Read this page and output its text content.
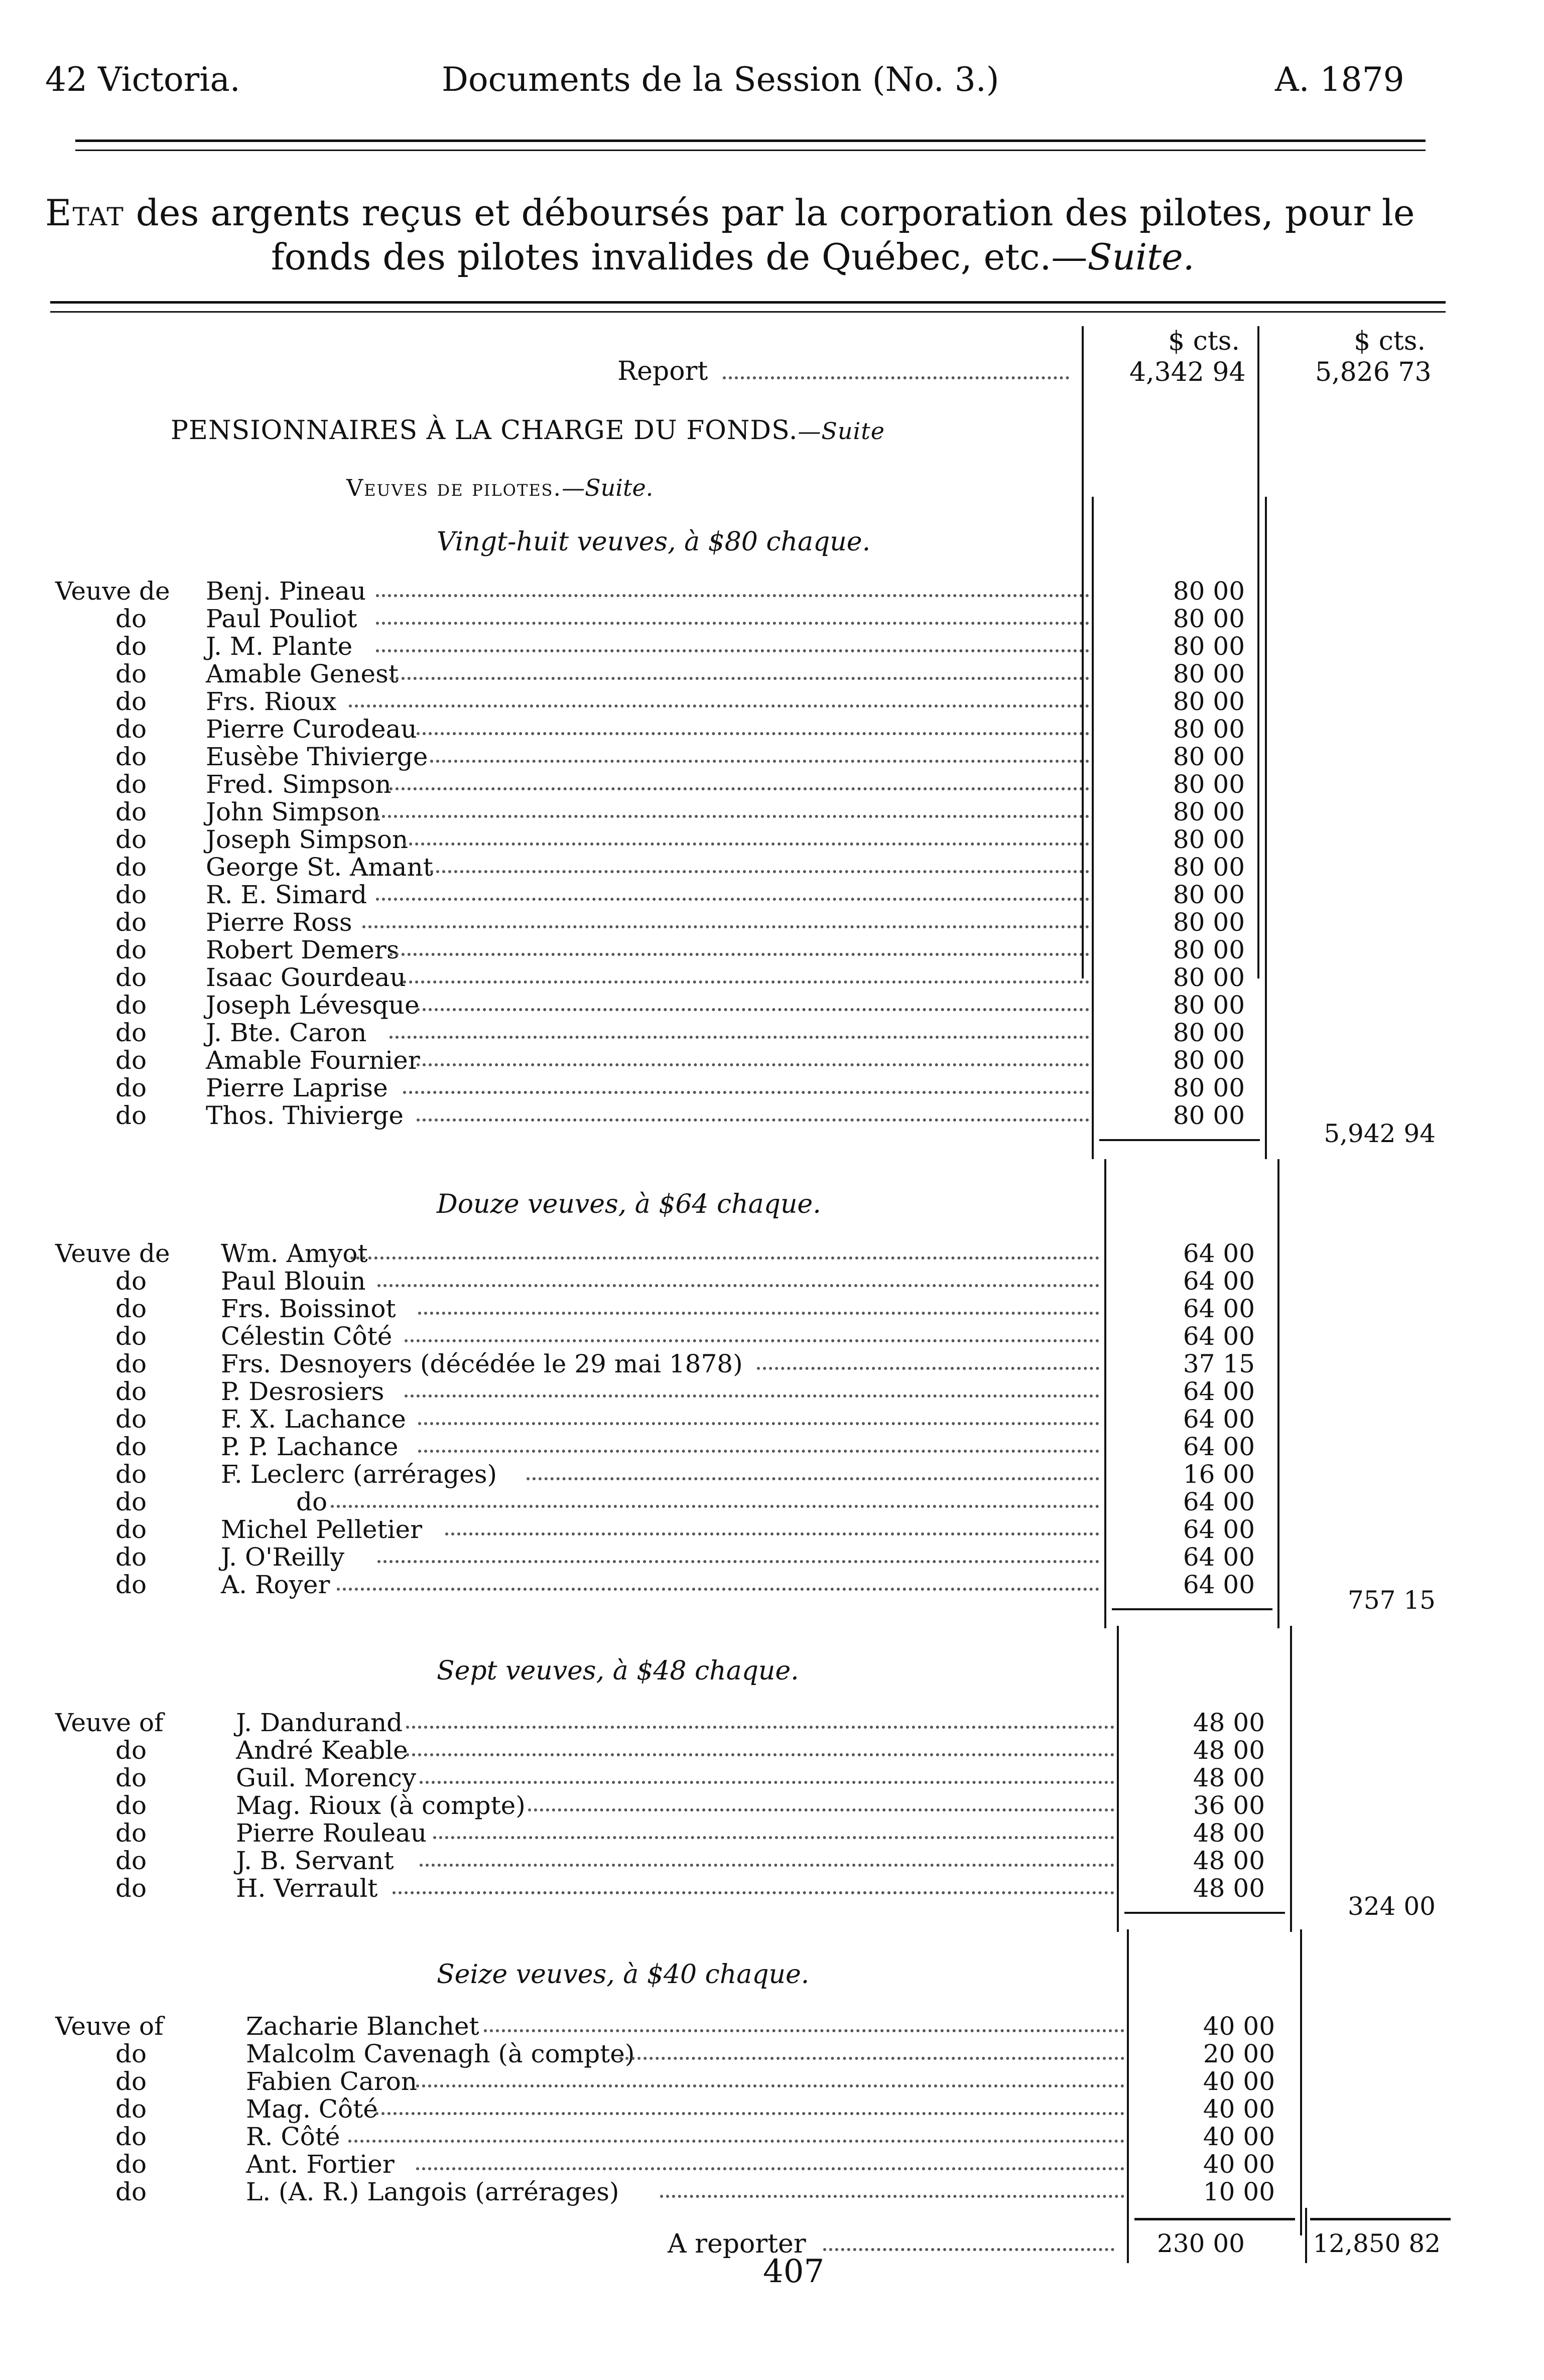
42 Victoria.	Documents de la Session (No. 3.)	A. 1879
Etat des argents reçus et déboursés par la corporation des pilotes, pour le
fonds des pilotes invalides de Québec, etc.—Suite.
$ cts.	$ cts.
Report	4,342 94	5,826 73
PENSIONNAIRES À LA CHARGE DU FONDS.—Suite
Veuves de pilotes.—Suite.
Vingt-huit veuves, à $80 chaque.
Veuve de Benj. Pineau	80 00
do Paul Pouliot	80 00
do J. M. Plante	80 00
do Amable Genest	80 00
do Frs. Rioux	80 00
do Pierre Curodeau	80 00
do Eusèbe Thivierge	80 00
do Fred. Simpson	80 00
do John Simpson	80 00
do Joseph Simpson	80 00
do George St. Amant	80 00
do R. E. Simard	80 00
do Pierre Ross	80 00
do Robert Demers	80 00
do Isaac Gourdeau	80 00
do Joseph Lévesque	80 00
do J. Bte. Caron	80 00
do Amable Fournier	80 00
do Pierre Laprise	80 00
do Thos. Thivierge	80 00
5,942 94
Douze veuves, à $64 chaque.
Veuve de Wm. Amyot	64 00
do	Paul Blouin	64 00
do	Frs. Boissinot	64 00
do	Célestin Côté	64 00
do	Frs. Desnoyers (décédée le 29 mai 1878)	37 15
do	P. Desrosiers	64 00
do	F. X. Lachance	64 00
do	P. P. Lachance	64 00
do	F. Leclerc (arrérages)	16 00
do	do	64 00
do	Michel Pelletier	64 00
do	J. O'Reilly	64 00
do	A. Royer	64 00
757 15
Sept veuves, à $48 chaque.
Veuve of	J. Dandurand	48 00
do	André Keable	48 00
do	Guil. Morency	48 00
do	Mag. Rioux (à compte)	36 00
do	Pierre Rouleau	48 00
do	J. B. Servant	48 00
do	H. Verrault	48 00
324 00
Seize veuves, à $40 chaque.
Veuve of	Zacharie Blanchet	40 00
do	Malcolm Cavenagh (à compte)	20 00
do	Fabien Caron	40 00
do	Mag. Côté	40 00
do	R. Côté	40 00
do	Ant. Fortier	40 00
do	L. (A. R.) Langois (arrérages)	10 00
A reporter	230 00	12,850 82
407
